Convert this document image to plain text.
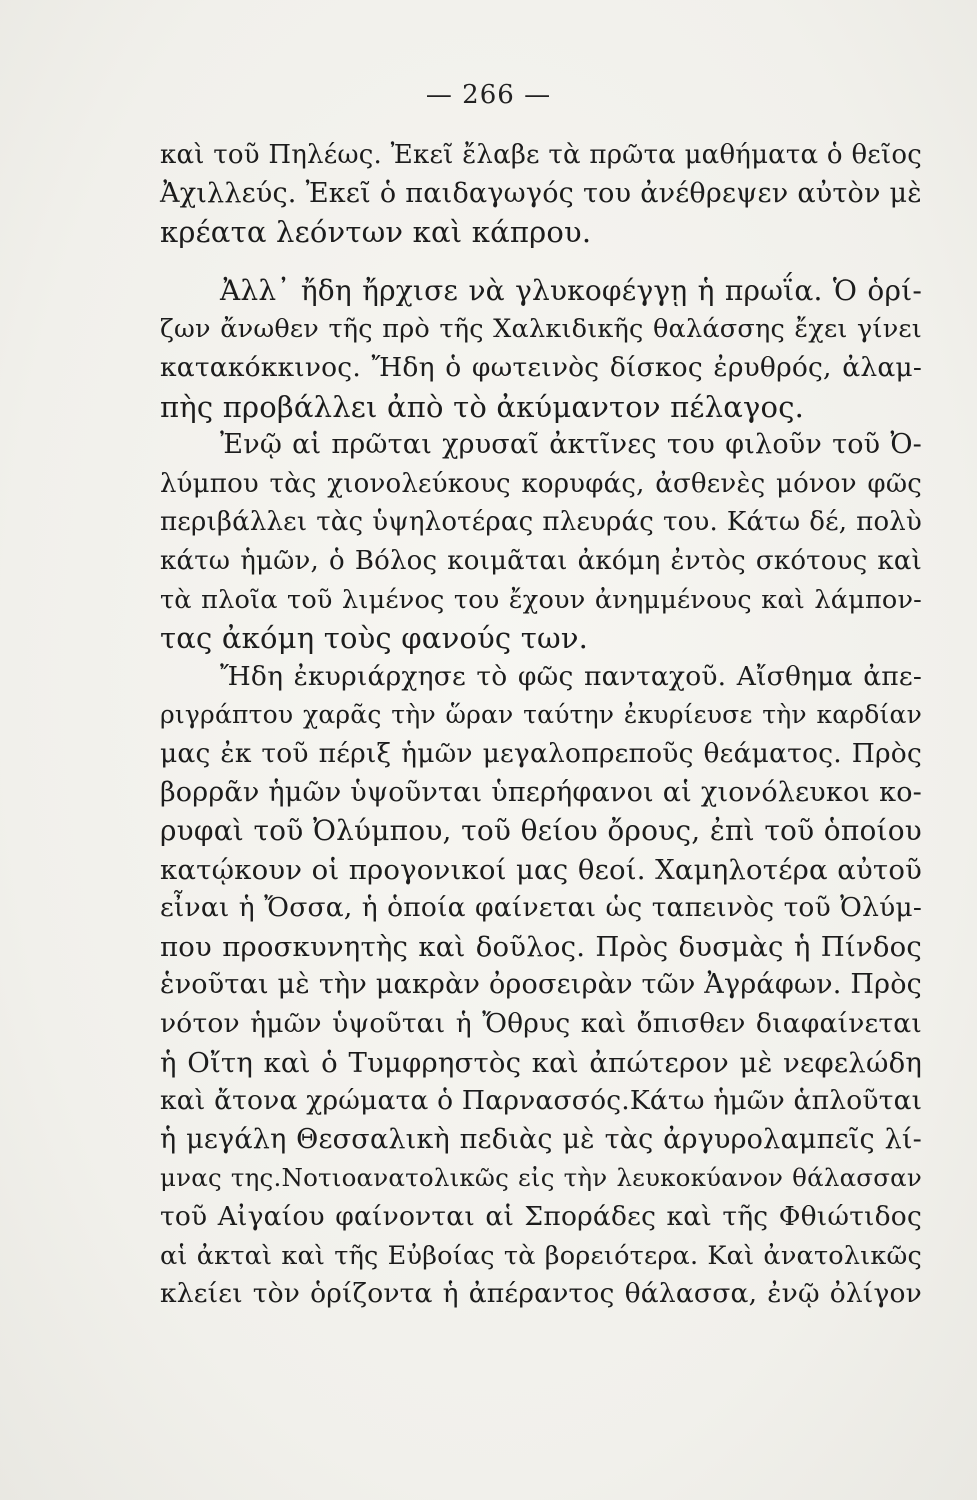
— 266 —
καὶ τοῦ Πηλέως. Ἐκεῖ ἔλαβε τὰ πρῶτα μαθήματα ὁ θεῖος
Ἀχιλλεύς. Ἐκεῖ ὁ παιδαγωγός του ἀνέθρεψεν αὐτὸν μὲ
κρέατα λεόντων καὶ κάπρου.
Ἀλλ᾽ ἤδη ἤρχισε νὰ γλυκοφέγγῃ ἡ πρωΐα. Ὁ ὁρί-
ζων ἄνωθεν τῆς πρὸ τῆς Χαλκιδικῆς θαλάσσης ἔχει γίνει
κατακόκκινος. Ἤδη ὁ φωτεινὸς δίσκος ἐρυθρός, ἀλαμ-
πὴς προβάλλει ἀπὸ τὸ ἀκύμαντον πέλαγος.
Ἐνῷ αἱ πρῶται χρυσαῖ ἀκτῖνες του φιλοῦν τοῦ Ὀ-
λύμπου τὰς χιονολεύκους κορυφάς, ἀσθενὲς μόνον φῶς
περιβάλλει τὰς ὑψηλοτέρας πλευράς του. Κάτω δέ, πολὺ
κάτω ἡμῶν, ὁ Βόλος κοιμᾶται ἀκόμη ἐντὸς σκότους καὶ
τὰ πλοῖα τοῦ λιμένος του ἔχουν ἀνημμένους καὶ λάμπον-
τας ἀκόμη τοὺς φανούς των.
Ἤδη ἐκυριάρχησε τὸ φῶς πανταχοῦ. Αἴσθημα ἀπε-
ριγράπτου χαρᾶς τὴν ὥραν ταύτην ἐκυρίευσε τὴν καρδίαν
μας ἐκ τοῦ πέριξ ἡμῶν μεγαλοπρεποῦς θεάματος. Πρὸς
βορρᾶν ἡμῶν ὑψοῦνται ὑπερήφανοι αἱ χιονόλευκοι κο-
ρυφαὶ τοῦ Ὀλύμπου, τοῦ θείου ὄρους, ἐπὶ τοῦ ὁποίου
κατῴκουν οἱ προγονικοί μας θεοί. Χαμηλοτέρα αὐτοῦ
εἶναι ἡ Ὄσσα, ἡ ὁποία φαίνεται ὡς ταπεινὸς τοῦ Ὀλύμ-
που προσκυνητὴς καὶ δοῦλος. Πρὸς δυσμὰς ἡ Πίνδος
ἑνοῦται μὲ τὴν μακρὰν ὀροσειρὰν τῶν Ἀγράφων. Πρὸς
νότον ἡμῶν ὑψοῦται ἡ Ὄθρυς καὶ ὄπισθεν διαφαίνεται
ἡ Οἴτη καὶ ὁ Τυμφρηστὸς καὶ ἀπώτερον μὲ νεφελώδη
καὶ ἄτονα χρώματα ὁ Παρνασσός.Κάτω ἡμῶν ἁπλοῦται
ἡ μεγάλη Θεσσαλικὴ πεδιὰς μὲ τὰς ἀργυρολαμπεῖς λί-
μνας της.Νοτιοανατολικῶς εἰς τὴν λευκοκύανον θάλασσαν
τοῦ Αἰγαίου φαίνονται αἱ Σποράδες καὶ τῆς Φθιώτιδος
αἱ ἀκταὶ καὶ τῆς Εὐβοίας τὰ βορειότερα. Καὶ ἀνατολικῶς
κλείει τὸν ὁρίζοντα ἡ ἀπέραντος θάλασσα, ἐνῷ ὀλίγον
